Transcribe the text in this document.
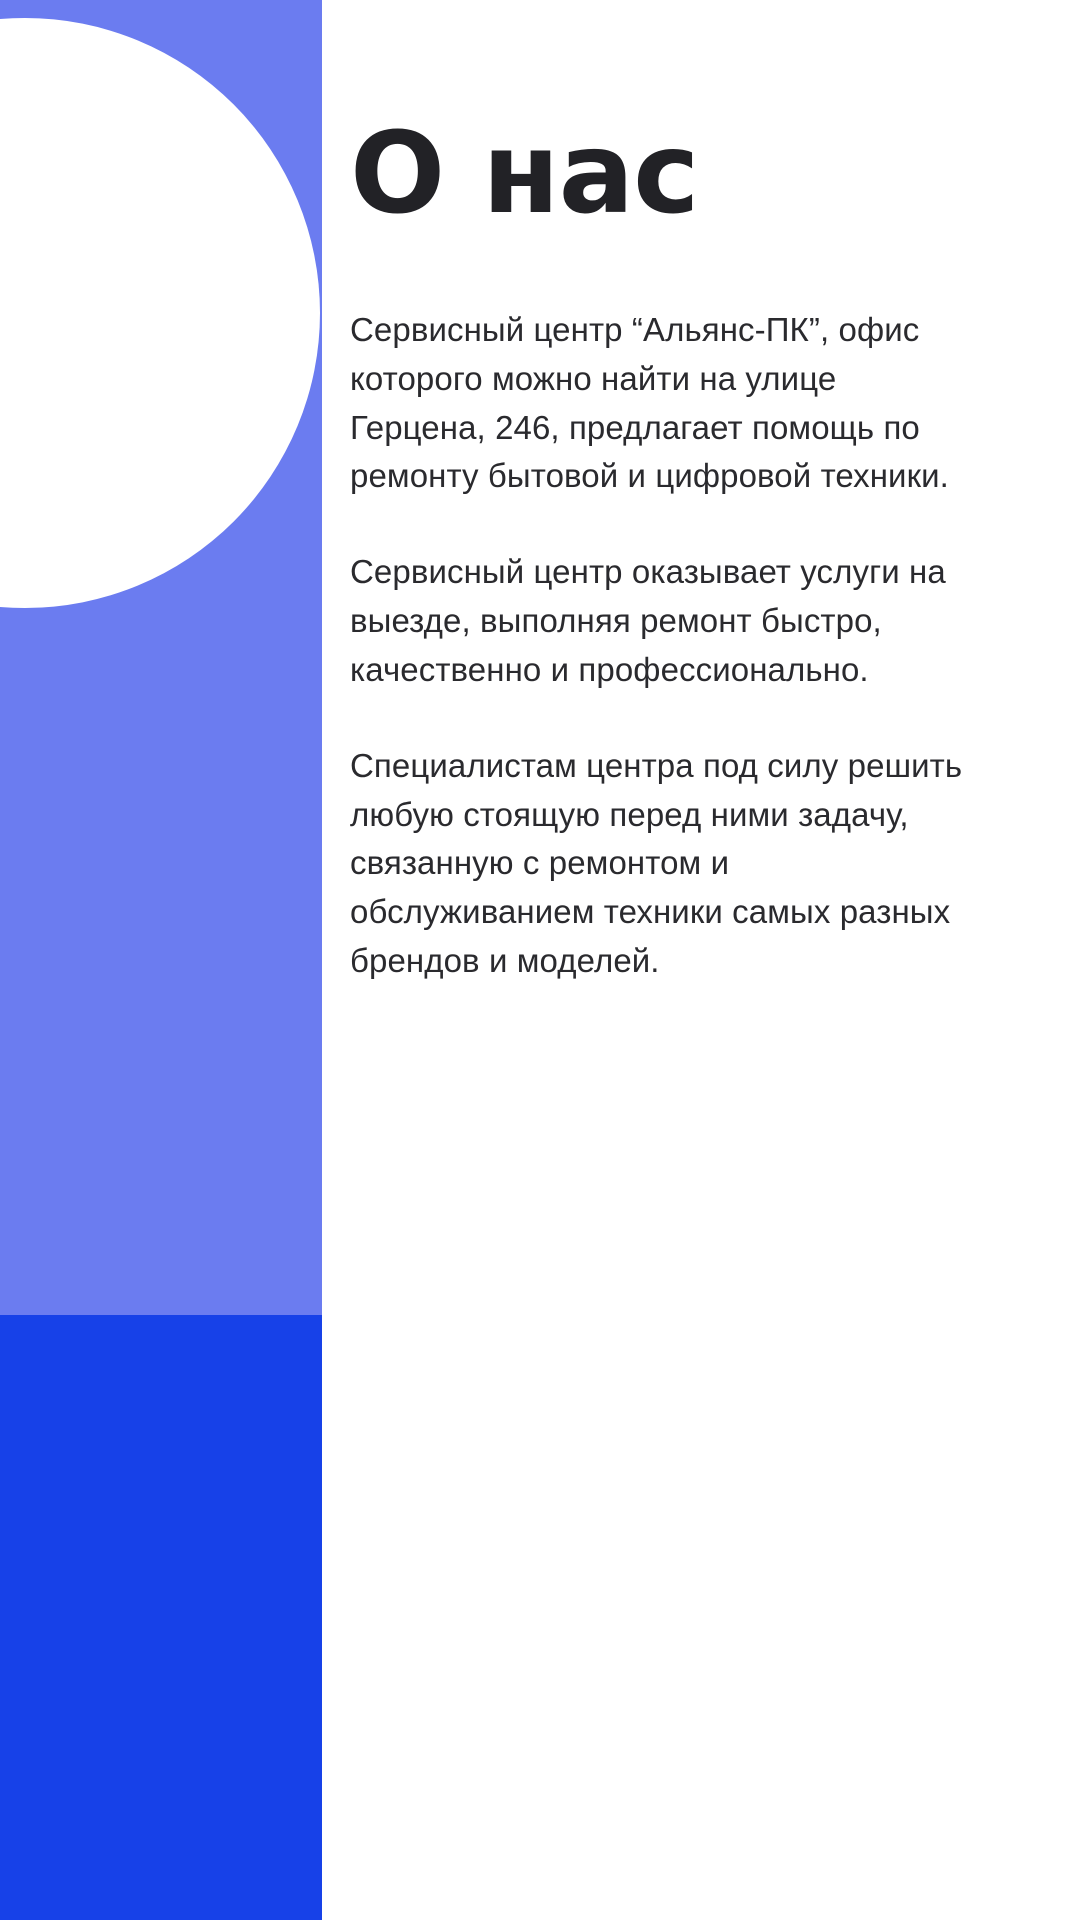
О нас

Сервисный центр “Альянс-ПК”, офис которого можно найти на улице Герцена, 246, предлагает помощь по ремонту бытовой и цифровой техники.

Сервисный центр оказывает услуги на выезде, выполняя ремонт быстро, качественно и профессионально.

Специалистам центра под силу решить любую стоящую перед ними задачу, связанную с ремонтом и обслуживанием техники самых разных брендов и моделей.
